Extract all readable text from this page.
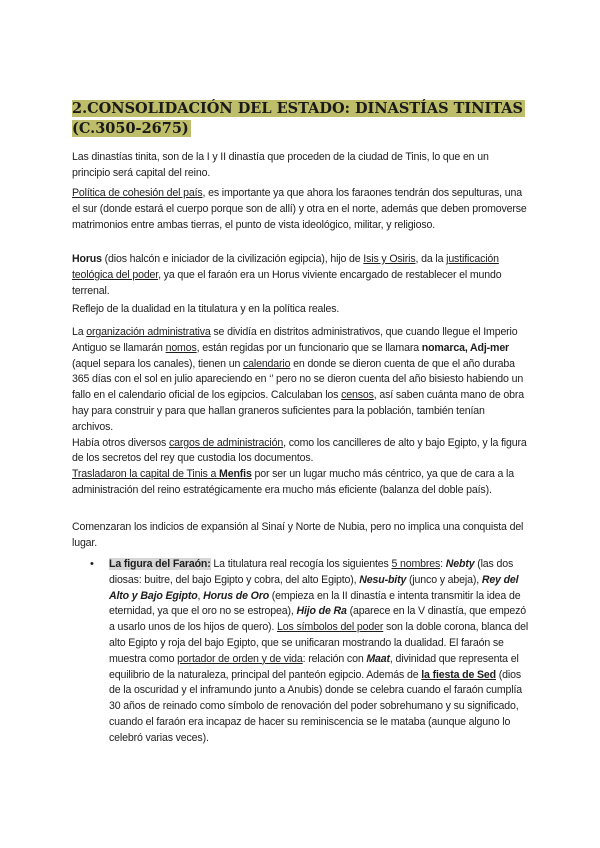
2.CONSOLIDACIÓN DEL ESTADO: DINASTÍAS TINITAS (C.3050-2675)

Las dinastías tinita, son de la I y II dinastía que proceden de la ciudad de Tinis, lo que en un principio será capital del reino.

Política de cohesión del país, es importante ya que ahora los faraones tendrán dos sepulturas, una el sur (donde estará el cuerpo porque son de allí) y otra en el norte, además que deben promoverse matrimonios entre ambas tierras, el punto de vista ideológico, militar, y religioso.

Horus (dios halcón e iniciador de la civilización egipcia), hijo de Isis y Osiris, da la justificación teológica del poder, ya que el faraón era un Horus viviente encargado de restablecer el mundo terrenal.

Reflejo de la dualidad en la titulatura y en la política reales.

La organización administrativa se dividía en distritos administrativos, que cuando llegue el Imperio Antiguo se llamarán nomos, están regidas por un funcionario que se llamara nomarca, Adj-mer (aquel separa los canales), tienen un calendario en donde se dieron cuenta de que el año duraba 365 días con el sol en julio apareciendo en ‘’ pero no se dieron cuenta del año bisiesto habiendo un fallo en el calendario oficial de los egipcios. Calculaban los censos, así saben cuánta mano de obra hay para construir y para que hallan graneros suficientes para la población, también tenían archivos.
Había otros diversos cargos de administración, como los cancilleres de alto y bajo Egipto, y la figura de los secretos del rey que custodia los documentos.

Trasladaron la capital de Tinis a Menfis por ser un lugar mucho más céntrico, ya que de cara a la administración del reino estratégicamente era mucho más eficiente (balanza del doble país).

Comenzaran los indicios de expansión al Sinaí y Norte de Nubia, pero no implica una conquista del lugar.

• La figura del Faraón: La titulatura real recogía los siguientes 5 nombres: Nebty (las dos diosas: buitre, del bajo Egipto y cobra, del alto Egipto), Nesu-bity (junco y abeja), Rey del Alto y Bajo Egipto, Horus de Oro (empieza en la II dinastía e intenta transmitir la idea de eternidad, ya que el oro no se estropea), Hijo de Ra (aparece en la V dinastía, que empezó a usarlo unos de los hijos de quero). Los símbolos del poder son la doble corona, blanca del alto Egipto y roja del bajo Egipto, que se unificaran mostrando la dualidad. El faraón se muestra como portador de orden y de vida: relación con Maat, divinidad que representa el equilibrio de la naturaleza, principal del panteón egipcio. Además de la fiesta de Sed (dios de la oscuridad y el inframundo junto a Anubis) donde se celebra cuando el faraón cumplía 30 años de reinado como símbolo de renovación del poder sobrehumano y su significado, cuando el faraón era incapaz de hacer su reminiscencia se le mataba (aunque alguno lo celebró varias veces).
